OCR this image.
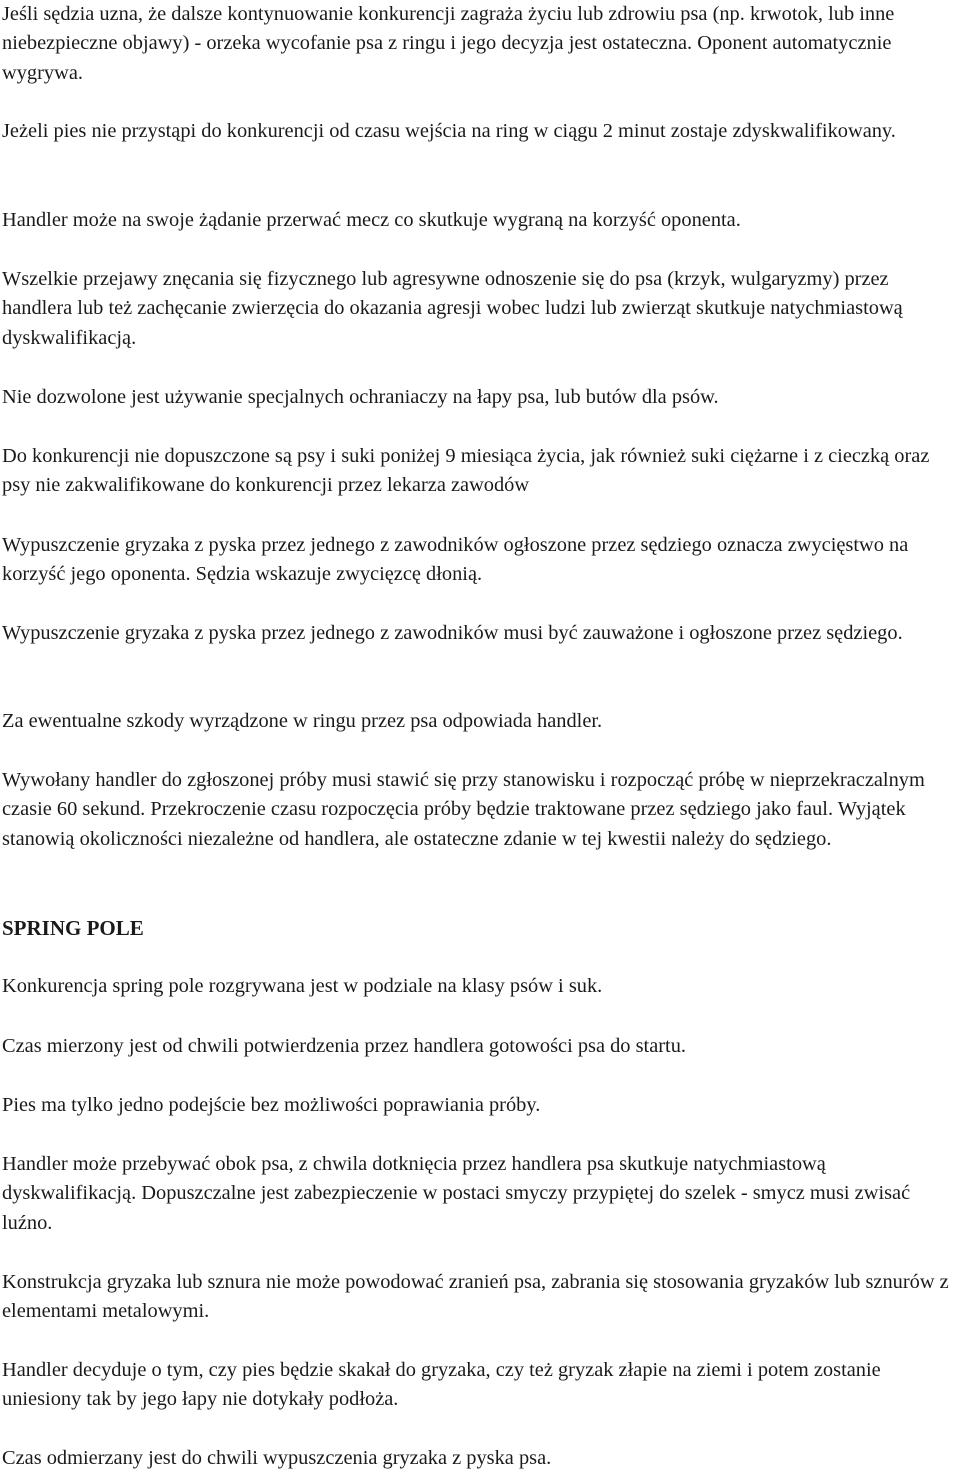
Jeśli sędzia uzna, że dalsze kontynuowanie konkurencji zagraża życiu lub zdrowiu psa (np. krwotok, lub inne niebezpieczne objawy) - orzeka wycofanie psa z ringu i jego decyzja jest ostateczna. Oponent automatycznie wygrywa.

Jeżeli pies nie przystąpi do konkurencji od czasu wejścia na ring w ciągu 2 minut zostaje zdyskwalifikowany.

Handler może na swoje żądanie przerwać mecz co skutkuje wygraną na korzyść oponenta.

Wszelkie przejawy znęcania się fizycznego lub agresywne odnoszenie się do psa (krzyk, wulgaryzmy) przez handlera lub też zachęcanie zwierzęcia do okazania agresji wobec ludzi lub zwierząt skutkuje natychmiastową dyskwalifikacją.

Nie dozwolone jest używanie specjalnych ochraniaczy na łapy psa, lub butów dla psów.

Do konkurencji nie dopuszczone są psy i suki poniżej 9 miesiąca życia, jak również suki ciężarne i z cieczką oraz psy nie zakwalifikowane do konkurencji przez lekarza zawodów

Wypuszczenie gryzaka z pyska przez jednego z zawodników ogłoszone przez sędziego oznacza zwycięstwo na korzyść jego oponenta. Sędzia wskazuje zwycięzcę dłonią.

Wypuszczenie gryzaka z pyska przez jednego z zawodników musi być zauważone i ogłoszone przez sędziego.

Za ewentualne szkody wyrządzone w ringu przez psa odpowiada handler.

Wywołany handler do zgłoszonej próby musi stawić się przy stanowisku i rozpocząć próbę w nieprzekraczalnym czasie 60 sekund. Przekroczenie czasu rozpoczęcia próby będzie traktowane przez sędziego jako faul. Wyjątek stanowią okoliczności niezależne od handlera, ale ostateczne zdanie w tej kwestii należy do sędziego.

SPRING POLE

Konkurencja spring pole rozgrywana jest w podziale na klasy psów i suk.

Czas mierzony jest od chwili potwierdzenia przez handlera gotowości psa do startu.

Pies ma tylko jedno podejście bez możliwości poprawiania próby.

Handler może przebywać obok psa, z chwila dotknięcia przez handlera psa skutkuje natychmiastową dyskwalifikacją. Dopuszczalne jest zabezpieczenie w postaci smyczy przypiętej do szelek - smycz musi zwisać luźno.

Konstrukcja gryzaka lub sznura nie może powodować zranień psa, zabrania się stosowania gryzaków lub sznurów z elementami metalowymi.

Handler decyduje o tym, czy pies będzie skakał do gryzaka, czy też gryzak złapie na ziemi i potem zostanie uniesiony tak by jego łapy nie dotykały podłoża.

Czas odmierzany jest do chwili wypuszczenia gryzaka z pyska psa.
